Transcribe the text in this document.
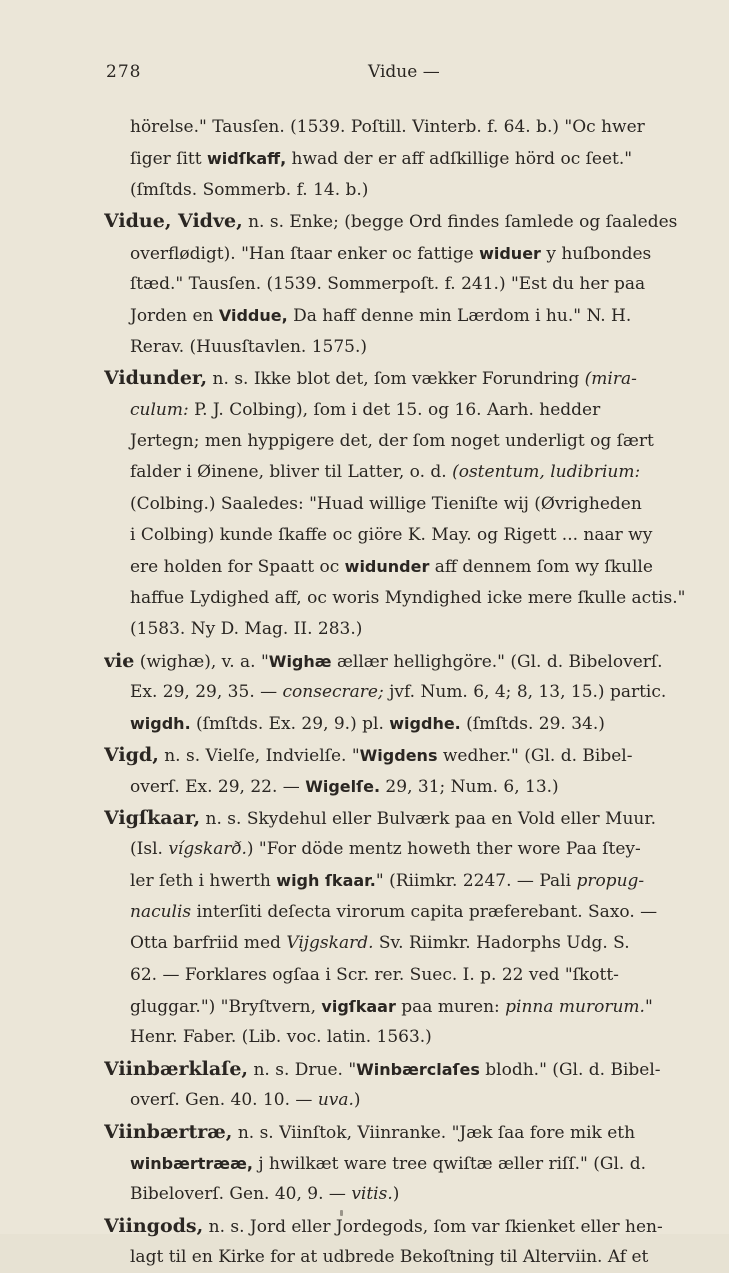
278	Vidue —
hörelse." Tausſen. (1539. Poſtill. Vinterb. f. 64. b.) "Oc hwer
ſiger ſitt widſkaff, hwad der er aff adſkillige hörd oc ſeet."
(ſmſtds. Sommerb. f. 14. b.)
Vidue, Vidve, n. s. Enke; (begge Ord findes ſamlede og ſaaledes
overflødigt). "Han ſtaar enker oc fattige widuer y huſbondes
ſtæd." Tausſen. (1539. Sommerpoſt. f. 241.) "Est du her paa
Jorden en Viddue, Da haff denne min Lærdom i hu." N. H.
Rerav. (Huusſtavlen. 1575.)
Vidunder, n. s. Ikke blot det, ſom vækker Forundring (mira-
culum: P. J. Colbing), ſom i det 15. og 16. Aarh. hedder
Jertegn; men hyppigere det, der ſom noget underligt og ſært
falder i Øinene, bliver til Latter, o. d. (ostentum, ludibrium:
(Colbing.) Saaledes: "Huad willige Tieniſte wij (Øvrigheden
i Colbing) kunde ſkaffe oc giöre K. May. og Rigett ... naar wy
ere holden for Spaatt oc widunder aff dennem ſom wy ſkulle
haffue Lydighed aff, oc woris Myndighed icke mere ſkulle actis."
(1583. Ny D. Mag. II. 283.)
vie (wighæ), v. a. "Wighæ ællær hellighgöre." (Gl. d. Bibeloverſ.
Ex. 29, 29, 35. — consecrare; jvf. Num. 6, 4; 8, 13, 15.) partic.
wigdh. (ſmſtds. Ex. 29, 9.) pl. wigdhe. (ſmſtds. 29. 34.)
Vigd, n. s. Vielſe, Indvielſe. "Wigdens wedher." (Gl. d. Bibel-
overſ. Ex. 29, 22. — Wigelſe. 29, 31; Num. 6, 13.)
Vigſkaar, n. s. Skydehul eller Bulværk paa en Vold eller Muur.
(Isl. vígskarð.) "For döde mentz howeth ther wore Paa ſtey-
ler ſeth i hwerth wigh ſkaar." (Riimkr. 2247. — Pali propug-
naculis interſiti deſecta virorum capita præferebant. Saxo. —
Otta barfriid med Vijgskard. Sv. Riimkr. Hadorphs Udg. S.
62. — Forklares ogſaa i Scr. rer. Suec. I. p. 22 ved "ſkott-
gluggar.") "Bryſtvern, vigſkaar paa muren: pinna murorum."
Henr. Faber. (Lib. voc. latin. 1563.)
Viinbærklaſe, n. s. Drue. "Winbærclaſes blodh." (Gl. d. Bibel-
overſ. Gen. 40. 10. — uva.)
Viinbærtræ, n. s. Viinſtok, Viinranke. "Jæk ſaa fore mik eth
winbærtrææ, j hwilkæt ware tree qwiſtæ æller riſſ." (Gl. d.
Bibeloverſ. Gen. 40, 9. — vitis.)
Viingods, n. s. Jord eller Jordegods, ſom var ſkienket eller hen-
lagt til en Kirke for at udbrede Bekoſtning til Alterviin. Af et
